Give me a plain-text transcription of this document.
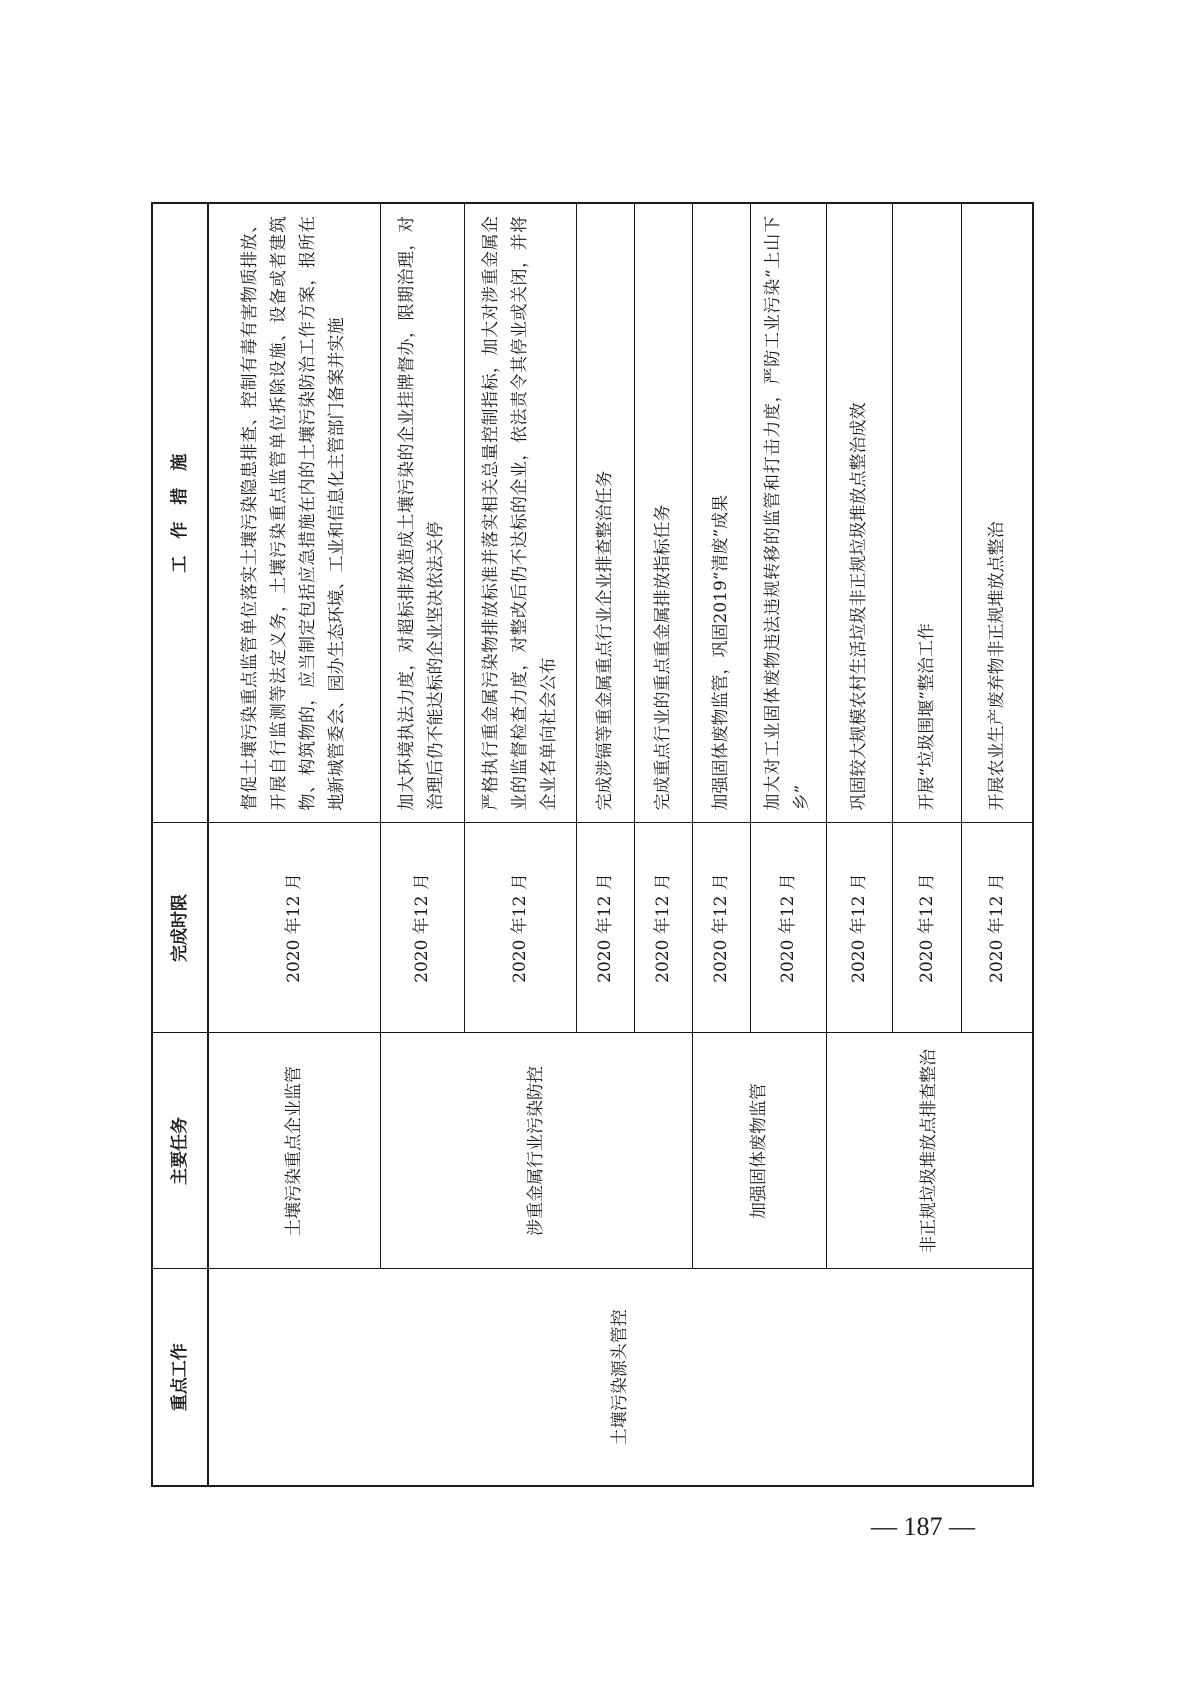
重点工作	主要任务	完成时限	工　作　措　施
土壤污染源头管控	土壤污染重点企业监管	2020 年12 月	督促土壤污染重点监管单位落实土壤污染隐患排查、控制有毒有害物质排放、开展自行监测等法定义务，土壤污染重点监管单位拆除设施、设备或者建筑物、构筑物的，应当制定包括应急措施在内的土壤污染防治工作方案，报所在地新城管委会、园办生态环境、工业和信息化主管部门备案并实施
	涉重金属行业污染防控	2020 年12 月	加大环境执法力度，对超标排放造成土壤污染的企业挂牌督办，限期治理，对治理后仍不能达标的企业坚决依法关停
		2020 年12 月	严格执行重金属污染物排放标准并落实相关总量控制指标，加大对涉重金属企业的监督检查力度，对整改后仍不达标的企业，依法责令其停业或关闭，并将企业名单向社会公布
		2020 年12 月	完成涉镉等重金属重点行业企业排查整治任务
		2020 年12 月	完成重点行业的重点重金属排放指标任务
	加强固体废物监管	2020 年12 月	加强固体废物监管，巩固2019“清废”成果
		2020 年12 月	加大对工业固体废物违法违规转移的监管和打击力度，严防工业污染“上山下乡”
	非正规垃圾堆放点排查整治	2020 年12 月	巩固较大规模农村生活垃圾非正规垃圾堆放点整治成效
		2020 年12 月	开展“垃圾围堰”整治工作
		2020 年12 月	开展农业生产废弃物非正规堆放点整治
— 187 —
